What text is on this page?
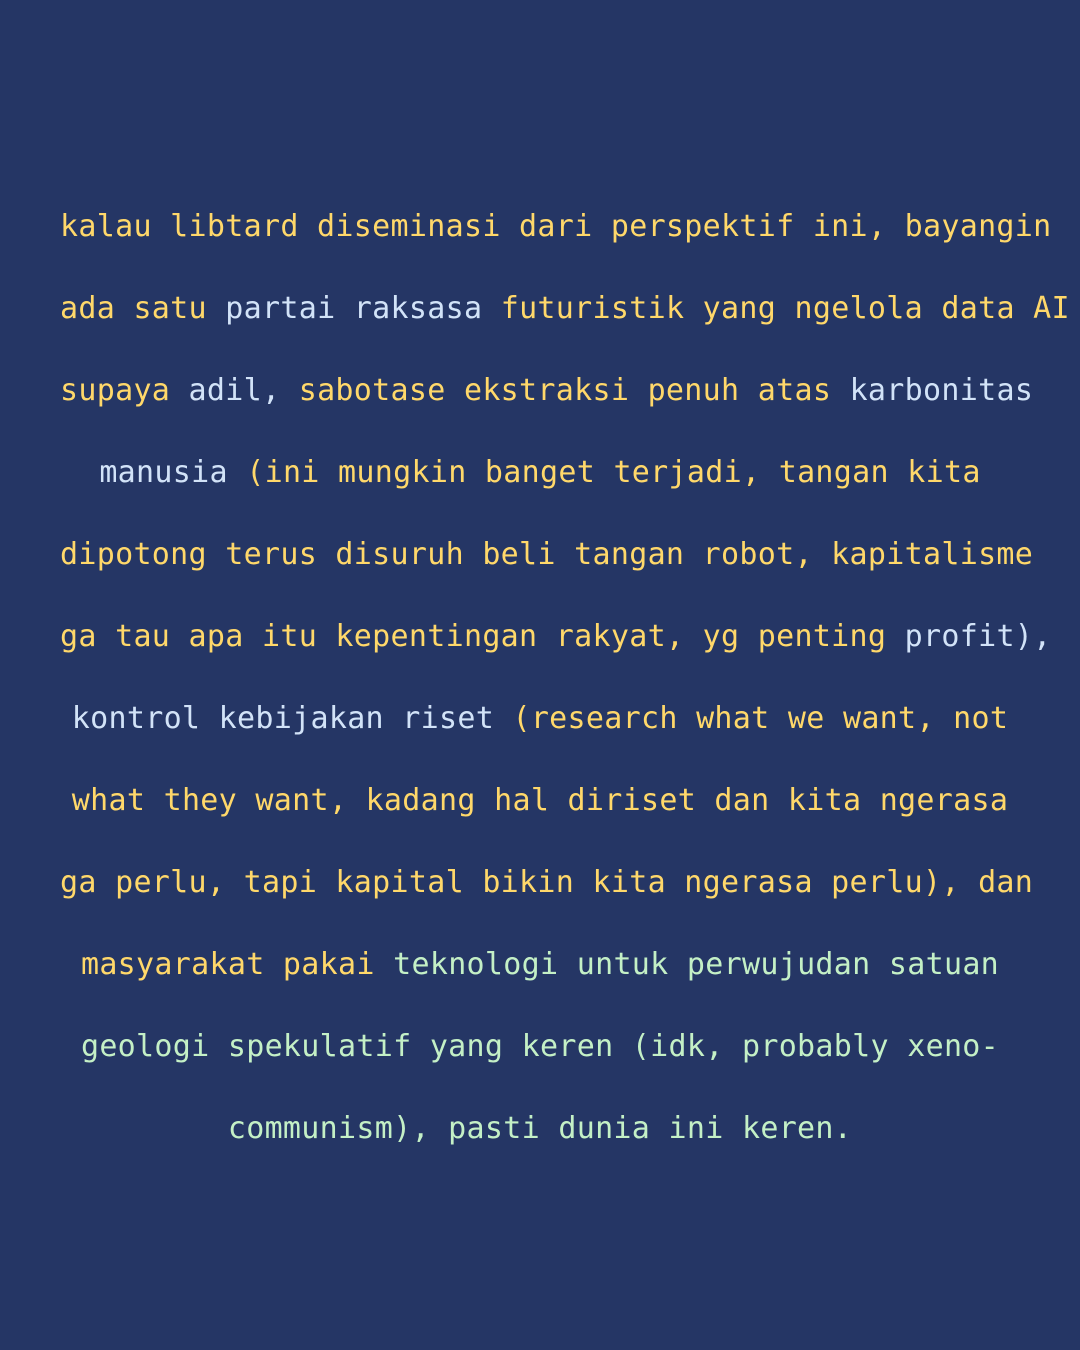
kalau libtard diseminasi dari perspektif ini, bayangin
ada satu partai raksasa futuristik yang ngelola data AI
supaya adil, sabotase ekstraksi penuh atas karbonitas
manusia (ini mungkin banget terjadi, tangan kita
dipotong terus disuruh beli tangan robot, kapitalisme
ga tau apa itu kepentingan rakyat, yg penting profit),
kontrol kebijakan riset (research what we want, not
what they want, kadang hal diriset dan kita ngerasa
ga perlu, tapi kapital bikin kita ngerasa perlu), dan
masyarakat pakai teknologi untuk perwujudan satuan
geologi spekulatif yang keren (idk, probably xeno-
communism), pasti dunia ini keren.
